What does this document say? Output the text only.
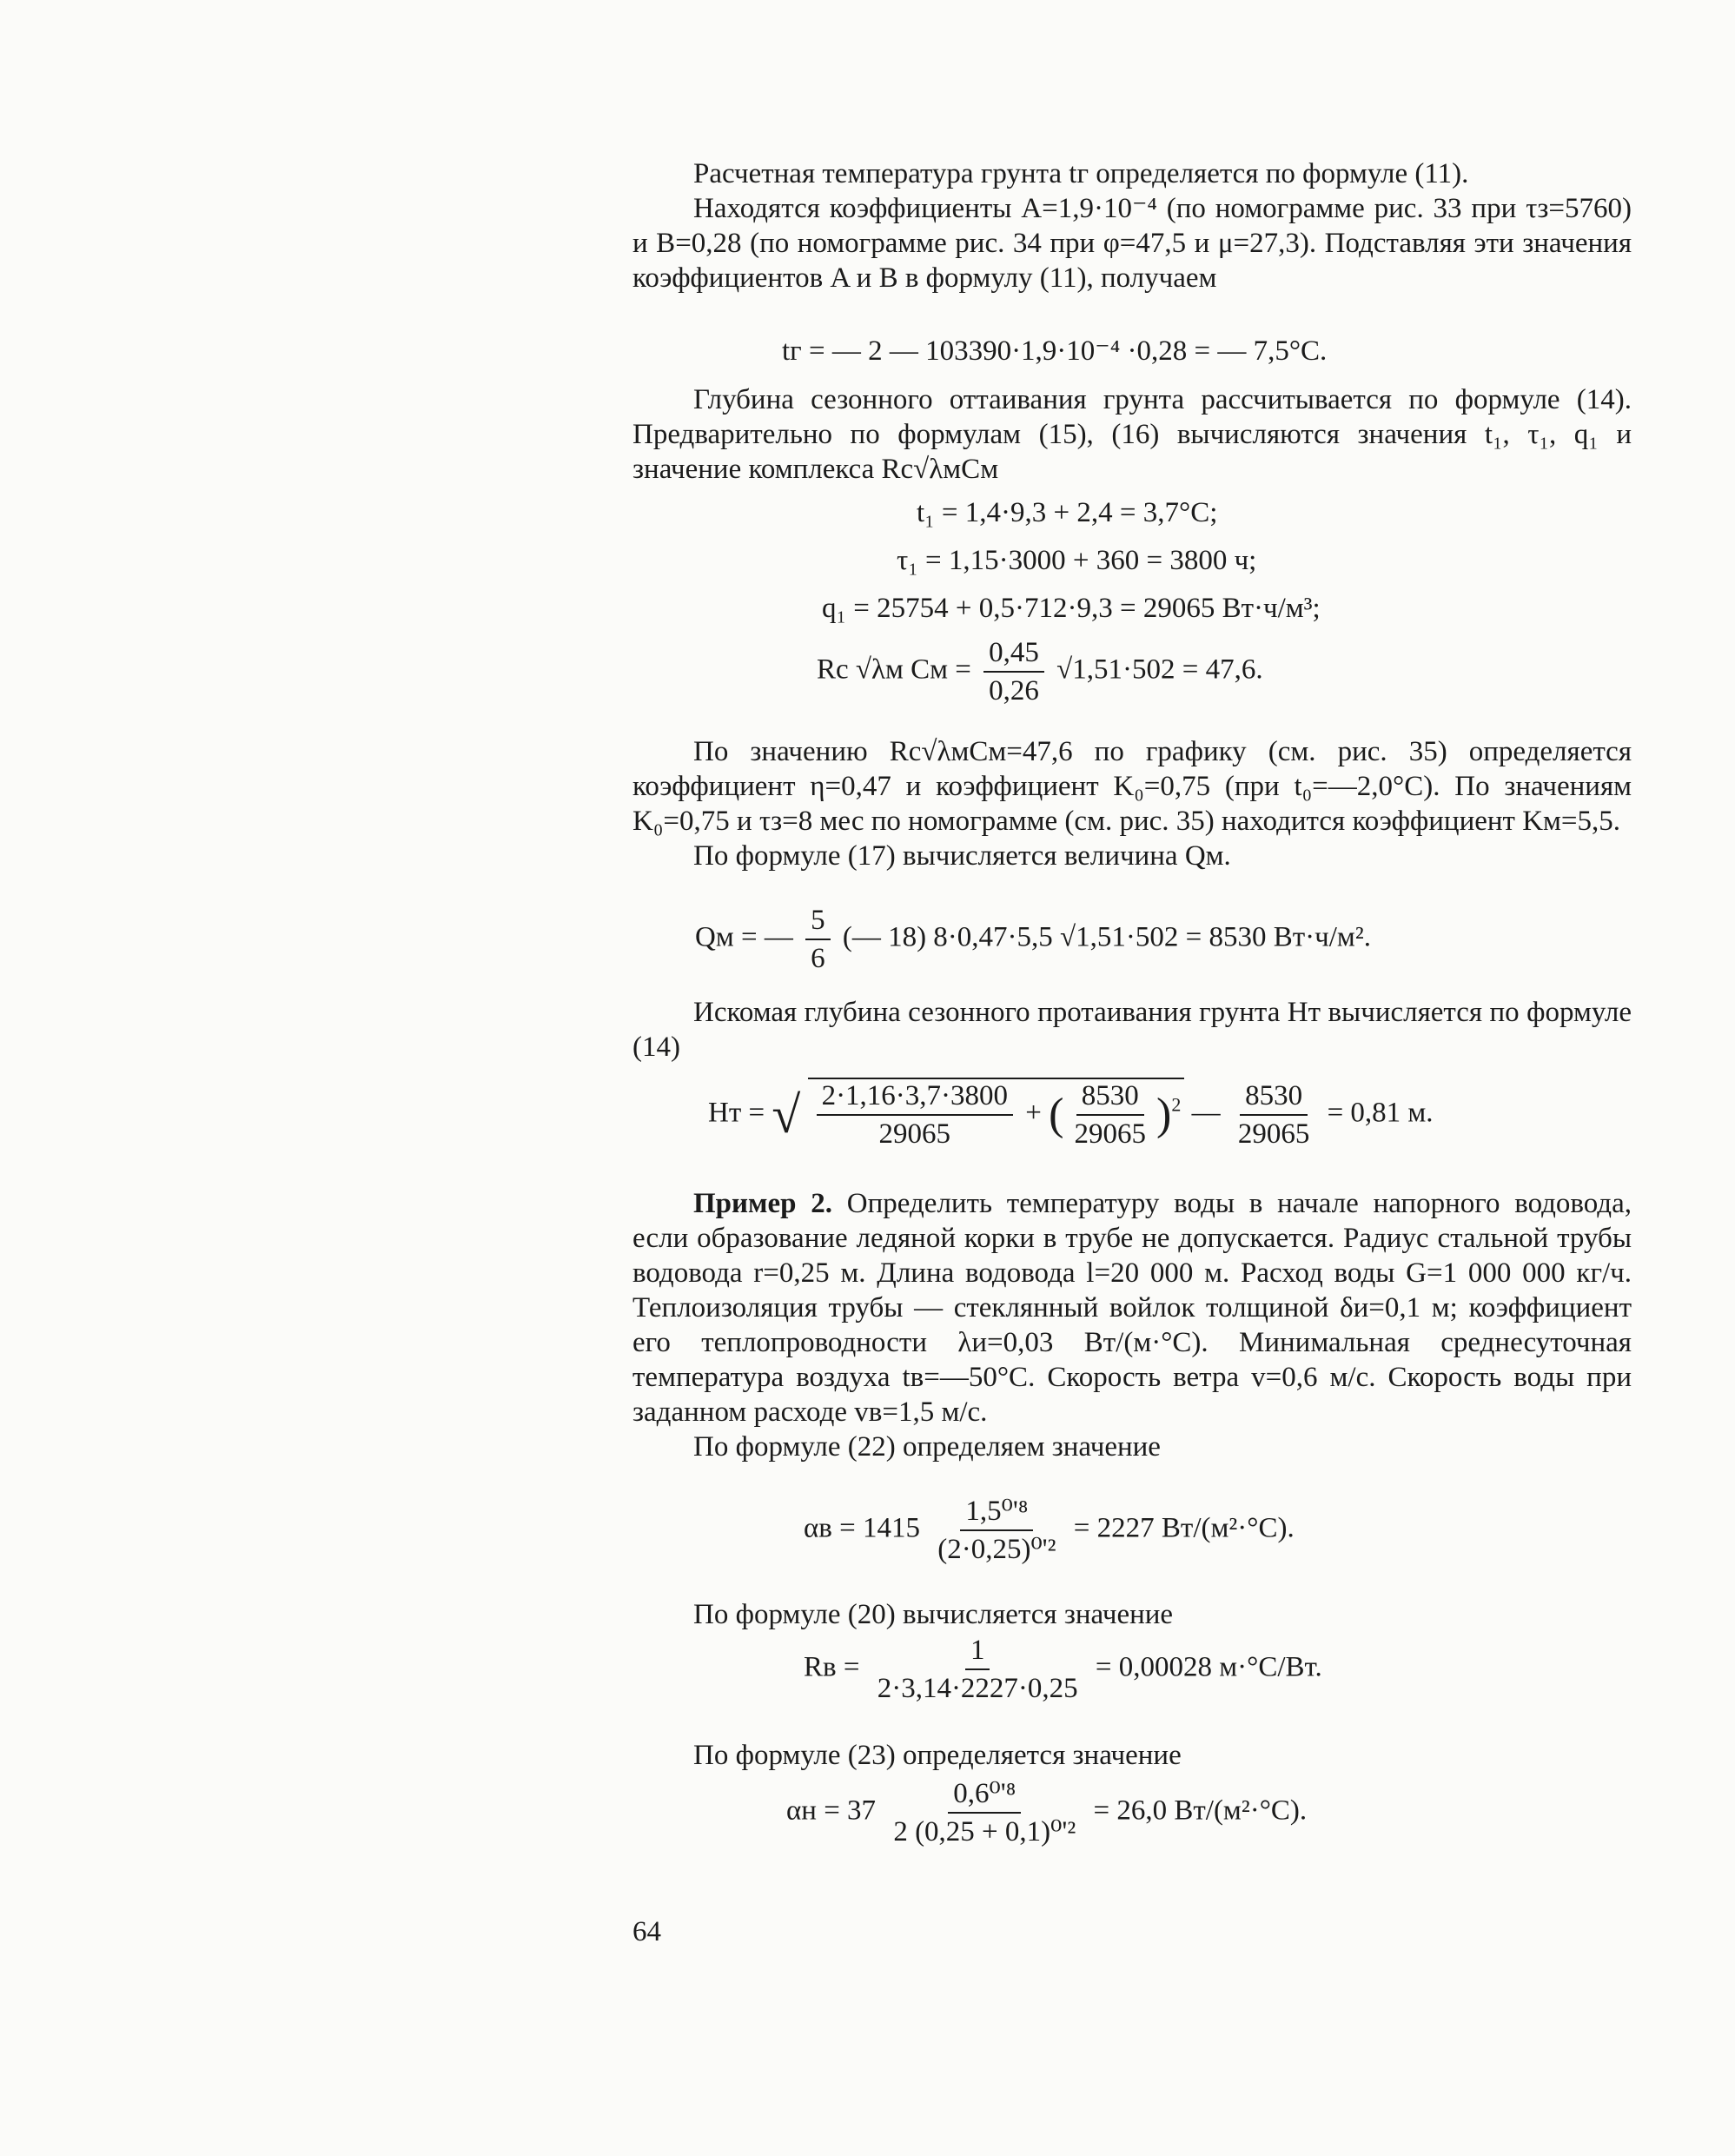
Расчетная температура грунта tг определяется по формуле (11).

Находятся коэффициенты A=1,9·10⁻⁴ (по номограмме рис. 33 при τз=5760) и B=0,28 (по номограмме рис. 34 при φ=47,5 и μ=27,3). Подставляя эти значения коэффициентов A и B в формулу (11), получаем

tг = — 2 — 103390·1,9·10⁻⁴ ·0,28 = — 7,5°С.

Глубина сезонного оттаивания грунта рассчитывается по формуле (14). Предварительно по формулам (15), (16) вычисляются значения t₁, τ₁, q₁ и значение комплекса Rc√λмCм

t₁ = 1,4·9,3 + 2,4 = 3,7°С;
τ₁ = 1,15·3000 + 360 = 3800 ч;
q₁ = 25754 + 0,5·712·9,3 = 29065 Вт·ч/м³;
Rc √λм Cм = $\frac{0,45}{0,26} √1,51\cdot 502 = 47,6$.

По значению Rc√λмCм=47,6 по графику (см. рис. 35) определяется коэффициент η=0,47 и коэффициент K₀=0,75 (при t₀=—2,0°С). По значениям K₀=0,75 и τз=8 мес по номограмме (см. рис. 35) находится коэффициент Kм=5,5.

По формуле (17) вычисляется величина Qм.

Qм = — $\frac{5}{6}$ (— 18) 8·0,47·5,5 √1,51·502 = 8530 Вт·ч/м².

Искомая глубина сезонного протаивания грунта Hт вычисляется по формуле (14)

Hт = √ $\frac{2\cdot 1,16\cdot 3,7\cdot 3800}{29065}$ + ( $\frac{8530}{29065} )^2$ — $\frac{8530}{29065} = 0,81$ м.

Пример 2. Определить температуру воды в начале напорного водовода, если образование ледяной корки в трубе не допускается. Радиус стальной трубы водовода r=0,25 м. Длина водовода l=20 000 м. Расход воды G=1 000 000 кг/ч. Теплоизоляция трубы — стеклянный войлок толщиной δи=0,1 м; коэффициент его теплопроводности λи=0,03 Вт/(м·°С). Минимальная среднесуточная температура воздуха tв=—50°С. Скорость ветра v=0,6 м/с. Скорость воды при заданном расходе vв=1,5 м/с.

По формуле (22) определяем значение

$\alpha в = 1415 \frac{\text{1,5⁰'⁸}}{\text{(2·0,25)⁰'²}} = 2227$ Вт/(м²·°С).

По формуле (20) вычисляется значение

Rв = $\frac{1}{2\cdot 3,14\cdot 2227\cdot 0,25} = 0,00028$ м·°С/Вт.

По формуле (23) определяется значение

$\alpha н = 37 \frac{\text{0,6⁰'⁸}}{\text{2 (0,25 + 0,1)⁰'²}} = 26,0$ Вт/(м²·°С).
64
